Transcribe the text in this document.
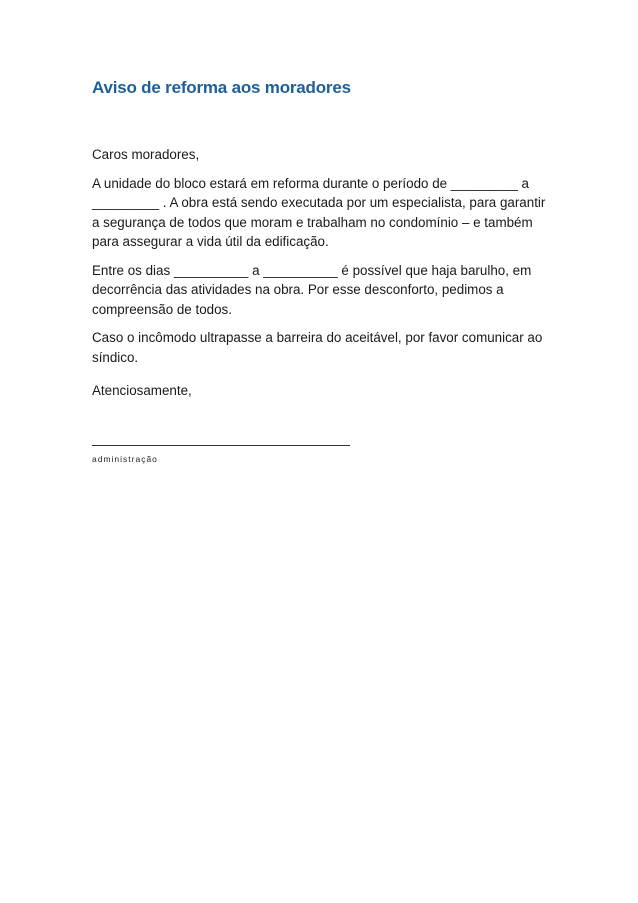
Aviso de reforma aos moradores

Caros moradores,

A unidade do bloco estará em reforma durante o período de _________ a _________ . A obra está sendo executada por um especialista, para garantir a segurança de todos que moram e trabalham no condomínio – e também para assegurar a vida útil da edificação.

Entre os dias __________ a __________ é possível que haja barulho, em decorrência das atividades na obra. Por esse desconforto, pedimos a compreensão de todos.

Caso o incômodo ultrapasse a barreira do aceitável, por favor comunicar ao síndico.

Atenciosamente,

administração
